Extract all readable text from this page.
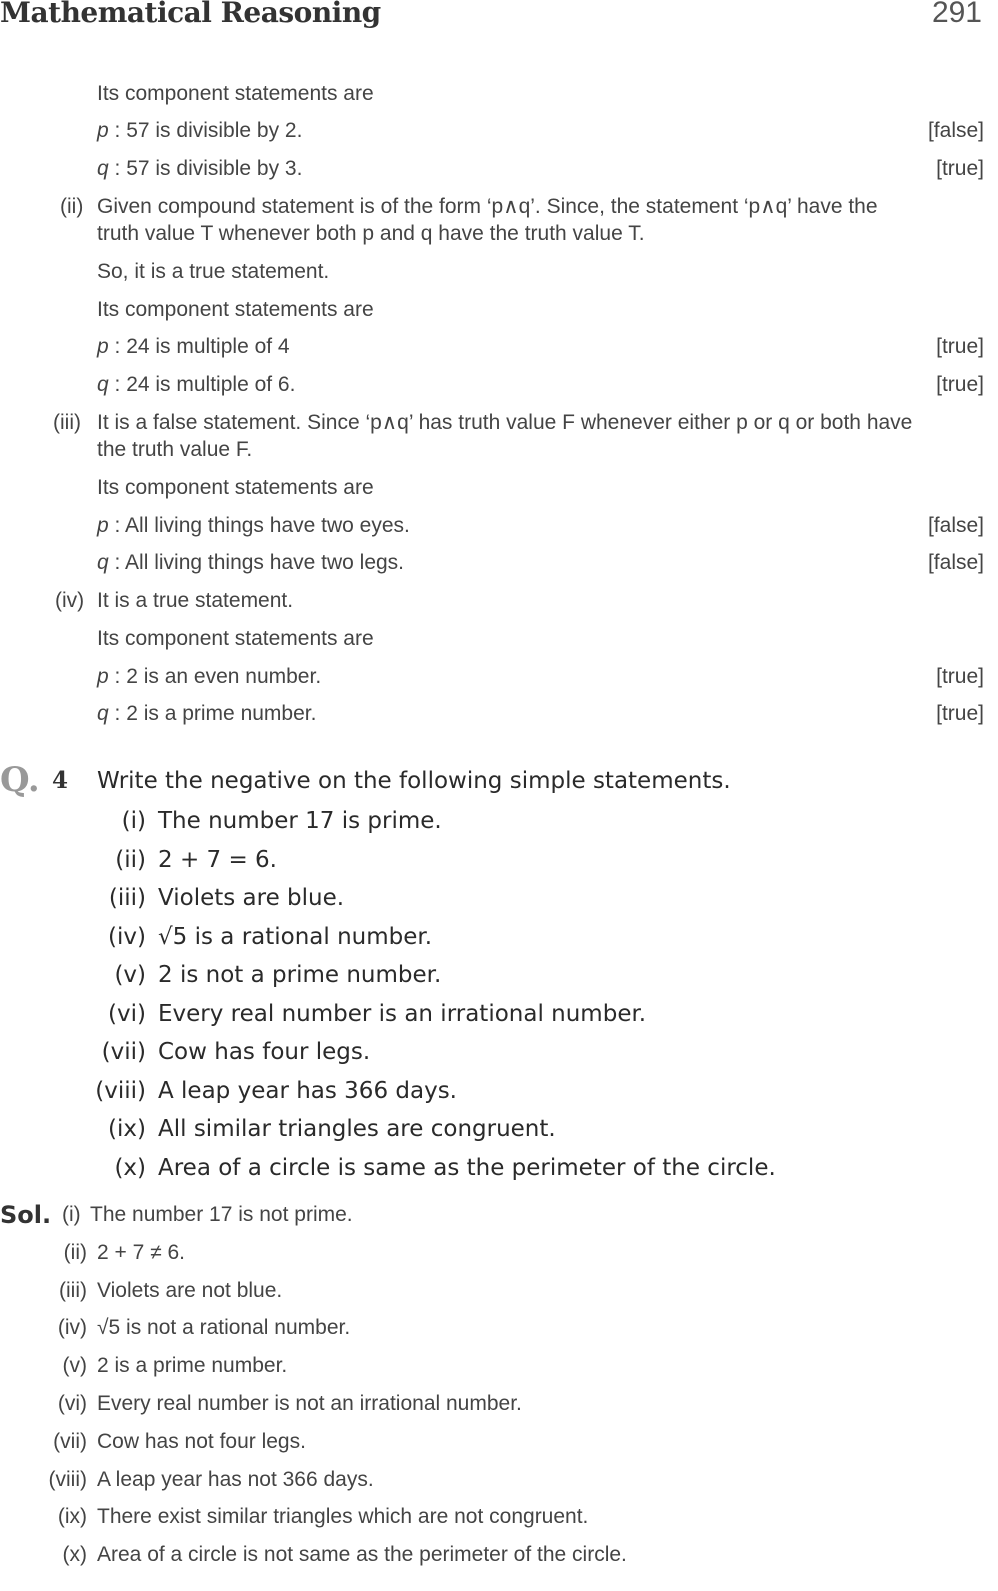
Mathematical Reasoning	291
Its component statements are
p : 57 is divisible by 2.	[false]
q : 57 is divisible by 3.	[true]
(ii) Given compound statement is of the form ‘p∧q’. Since, the statement ‘p∧q’ have the
truth value T whenever both p and q have the truth value T.
So, it is a true statement.
Its component statements are
p : 24 is multiple of 4	[true]
q : 24 is multiple of 6.	[true]
(iii) It is a false statement. Since ‘p∧q’ has truth value F whenever either p or q or both have
the truth value F.
Its component statements are
p : All living things have two eyes.	[false]
q : All living things have two legs.	[false]
(iv) It is a true statement.
Its component statements are
p : 2 is an even number.	[true]
q : 2 is a prime number.	[true]
Q. 4 Write the negative on the following simple statements.
(i) The number 17 is prime.
(ii) 2 + 7 = 6.
(iii) Violets are blue.
(iv) √5 is a rational number.
(v) 2 is not a prime number.
(vi) Every real number is an irrational number.
(vii) Cow has four legs.
(viii) A leap year has 366 days.
(ix) All similar triangles are congruent.
(x) Area of a circle is same as the perimeter of the circle.
Sol. (i) The number 17 is not prime.
(ii) 2 + 7 ≠ 6.
(iii) Violets are not blue.
(iv) √5 is not a rational number.
(v) 2 is a prime number.
(vi) Every real number is not an irrational number.
(vii) Cow has not four legs.
(viii) A leap year has not 366 days.
(ix) There exist similar triangles which are not congruent.
(x) Area of a circle is not same as the perimeter of the circle.
